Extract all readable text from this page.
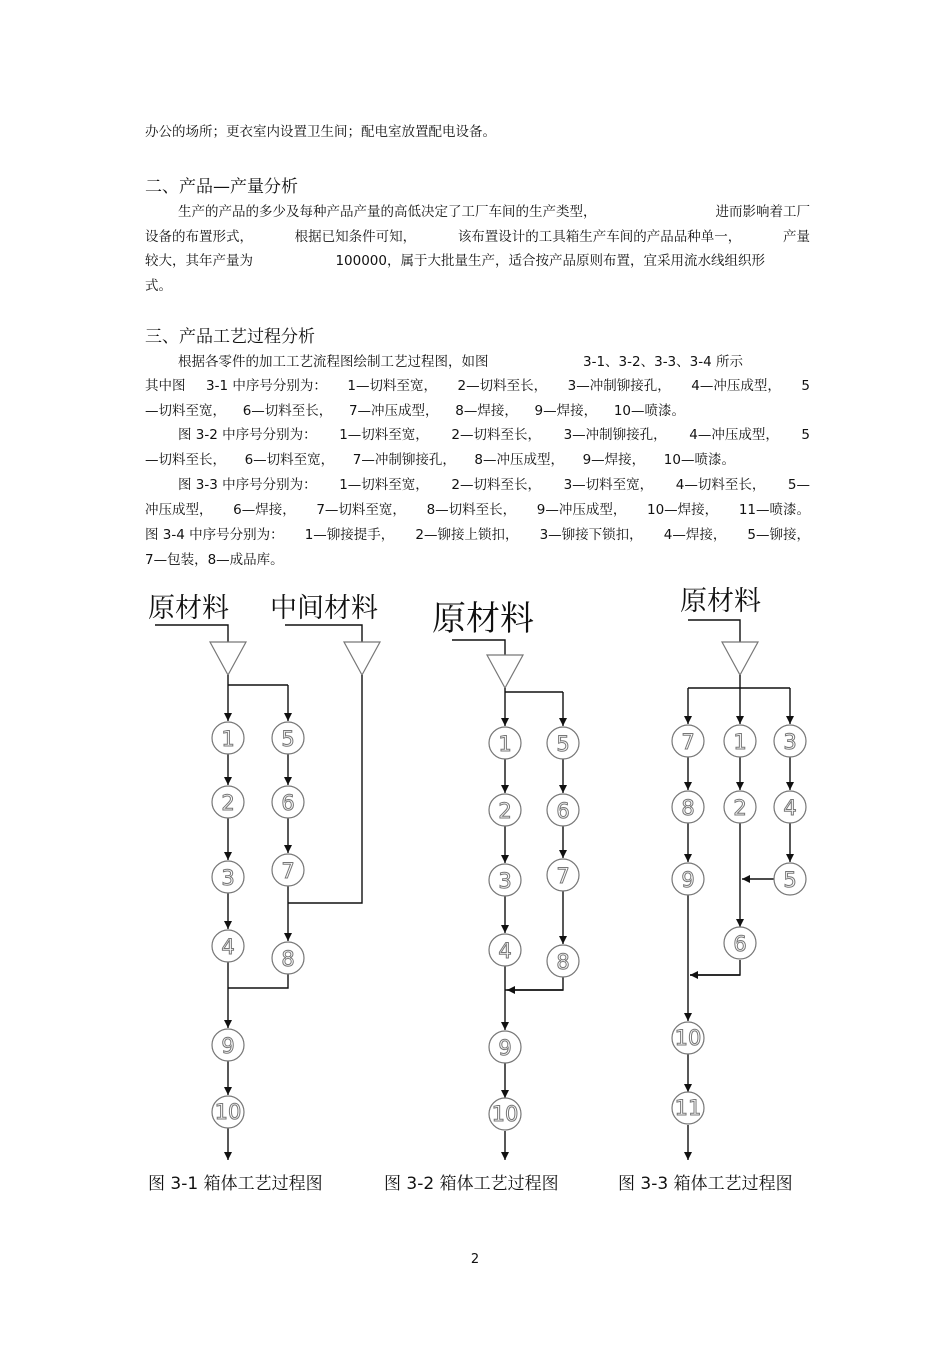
办公的场所；更衣室内设置卫生间；配电室放置配电设备。
二、产品—产量分析
生产的产品的多少及每种产品产量的高低决定了工厂车间的生产类型，	进而影响着工厂
设备的布置形式，	根据已知条件可知，	该布置设计的工具箱生产车间的产品品种单一，	产量
较大，其年产量为	100000，属于大批量生产，适合按产品原则布置，宜采用流水线组织形
式。
三、产品工艺过程分析
根据各零件的加工工艺流程图绘制工艺过程图，如图	3-1、3-2、3-3、3-4 所示
其中图 3-1 中序号分别为： 1—切料至宽， 2—切料至长， 3—冲制铆接孔， 4—冲压成型， 5
—切料至宽， 6—切料至长， 7—冲压成型， 8—焊接， 9—焊接， 10—喷漆。
图 3-2 中序号分别为： 1—切料至宽， 2—切料至长， 3—冲制铆接孔， 4—冲压成型， 5
—切料至长， 6—切料至宽， 7—冲制铆接孔， 8—冲压成型， 9—焊接， 10—喷漆。
图 3-3 中序号分别为： 1—切料至宽， 2—切料至长， 3—切料至宽， 4—切料至长， 5—
冲压成型， 6—焊接， 7—切料至宽， 8—切料至长， 9—冲压成型， 10—焊接， 11—喷漆。
图 3-4 中序号分别为： 1—铆接提手， 2—铆接上锁扣， 3—铆接下锁扣， 4—焊接， 5—铆接，
7—包装， 8—成品库。
原材料 中间材料
1
2
3
4
5
6
7
8
9
10
原材料
1
2
3
4
5
6
7
8
9
10
原材料
7
8
9
1
2
3
4
5
6
10
11
图 3-1 箱体工艺过程图	图 3-2 箱体工艺过程图	图 3-3 箱体工艺过程图
2
